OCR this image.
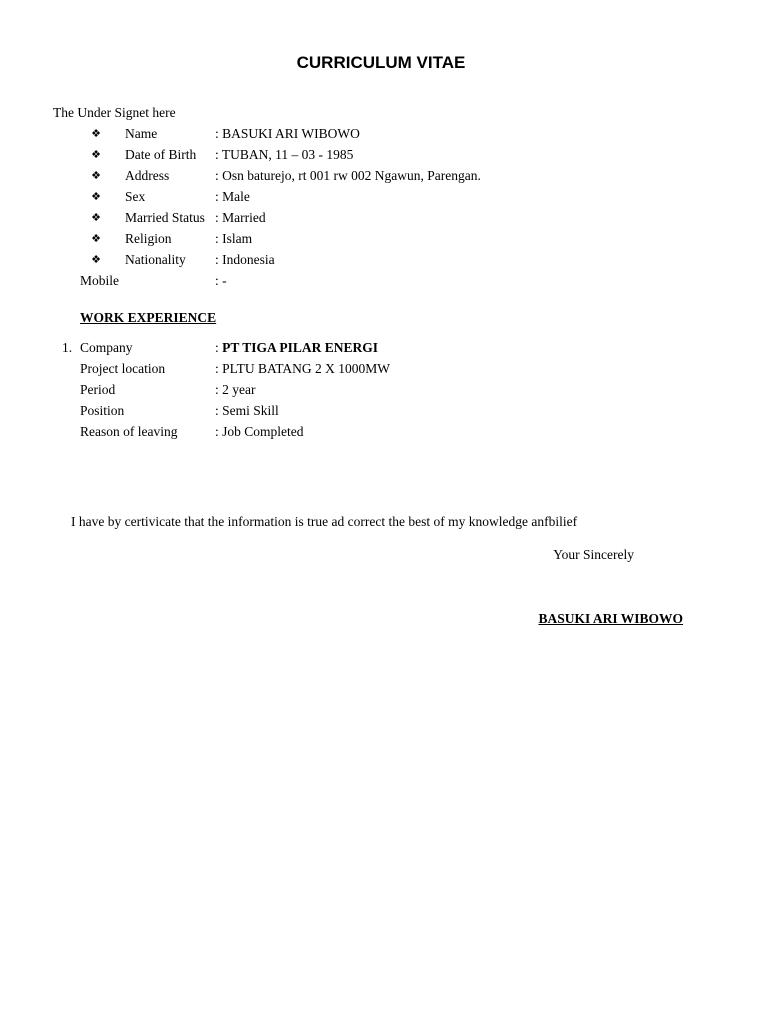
CURRICULUM VITAE
The Under Signet here
❖ Name	: BASUKI ARI WIBOWO
❖ Date of Birth : TUBAN, 11 – 03 - 1985
❖ Address	: Osn baturejo, rt 001 rw 002 Ngawun, Parengan.
❖ Sex	: Male
❖ Married Status : Married
❖ Religion	: Islam
❖ Nationality : Indonesia
Mobile	: -
WORK EXPERIENCE
1. Company	: PT TIGA PILAR ENERGI
Project location	: PLTU BATANG 2 X 1000MW
Period	: 2 year
Position	: Semi Skill
Reason of leaving	: Job Completed
I have by certivicate that the information is true ad correct the best of my knowledge anfbilief
Your Sincerely
BASUKI ARI WIBOWO
